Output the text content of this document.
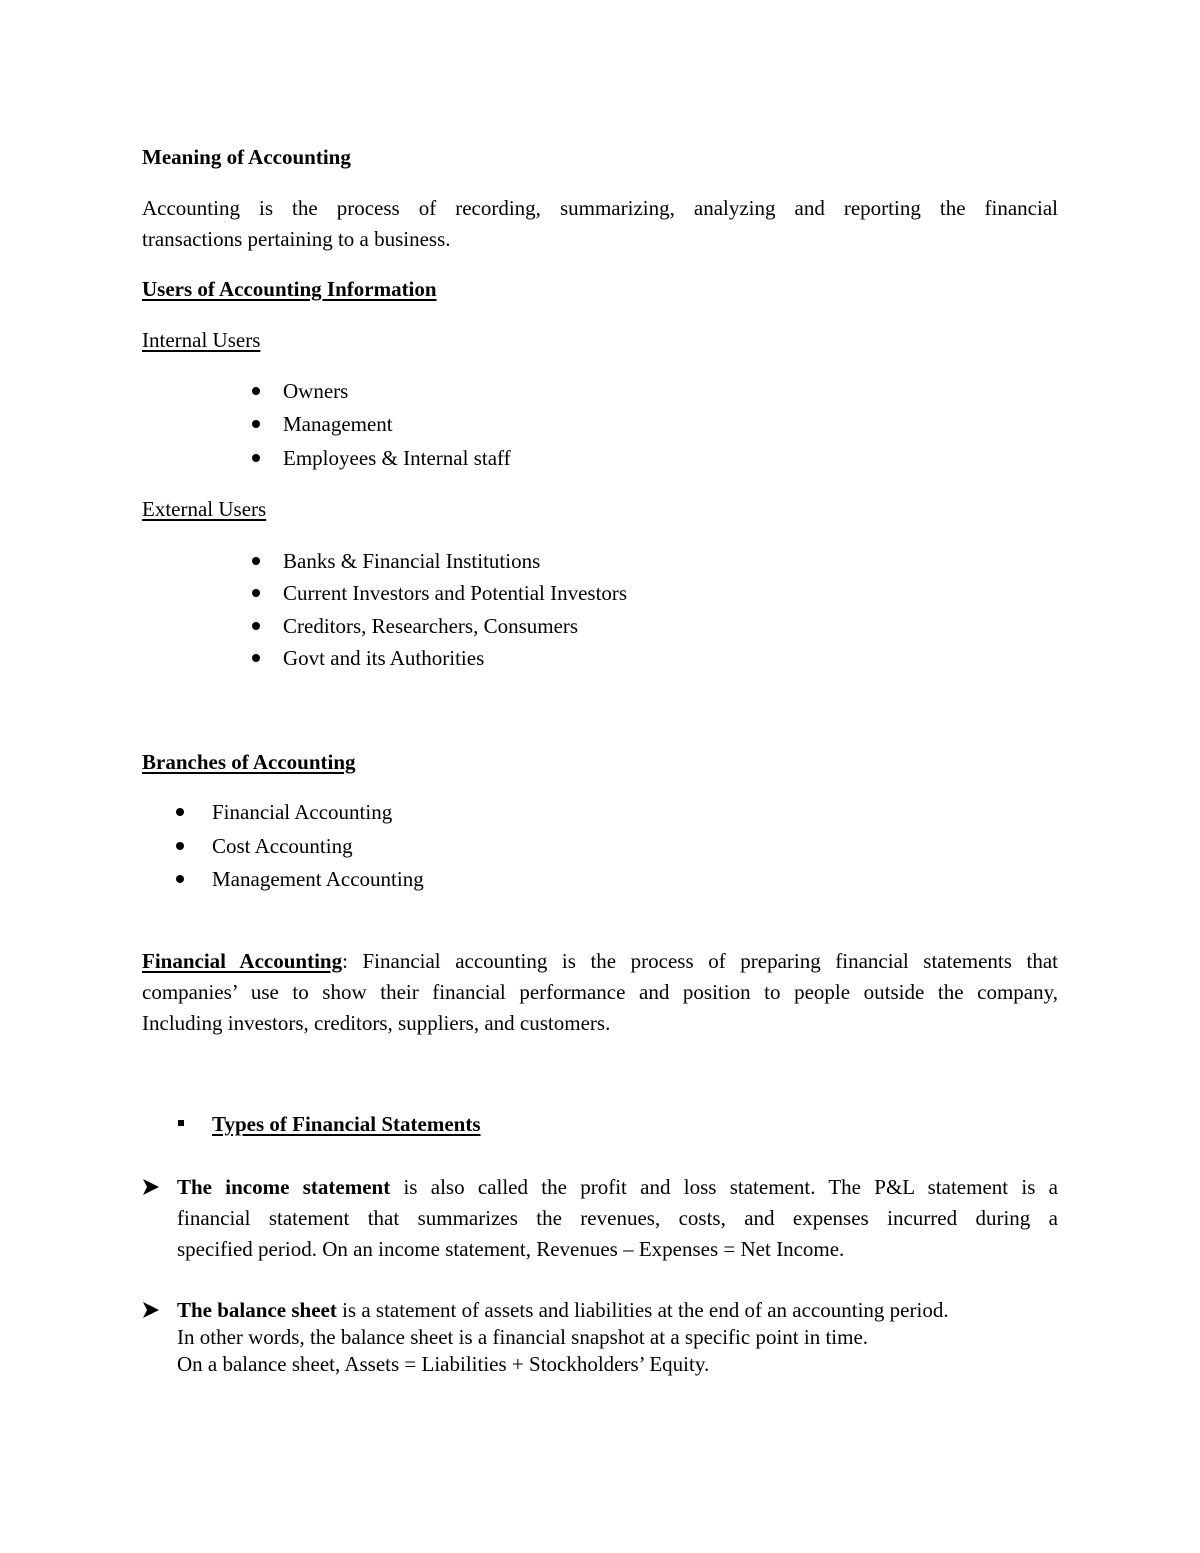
Meaning of Accounting
Accounting is the process of recording, summarizing, analyzing and reporting the financial
transactions pertaining to a business.
Users of Accounting Information
Internal Users
Owners
Management
Employees & Internal staff
External Users
Banks & Financial Institutions
Current Investors and Potential Investors
Creditors, Researchers, Consumers
Govt and its Authorities
Branches of Accounting
Financial Accounting
Cost Accounting
Management Accounting
Financial Accounting: Financial accounting is the process of preparing financial statements that
companies’ use to show their financial performance and position to people outside the company,
Including investors, creditors, suppliers, and customers.
Types of Financial Statements
The income statement is also called the profit and loss statement. The P&L statement is a
financial statement that summarizes the revenues, costs, and expenses incurred during a
specified period. On an income statement, Revenues – Expenses = Net Income.
The balance sheet is a statement of assets and liabilities at the end of an accounting period.
In other words, the balance sheet is a financial snapshot at a specific point in time.
On a balance sheet, Assets = Liabilities + Stockholders’ Equity.
